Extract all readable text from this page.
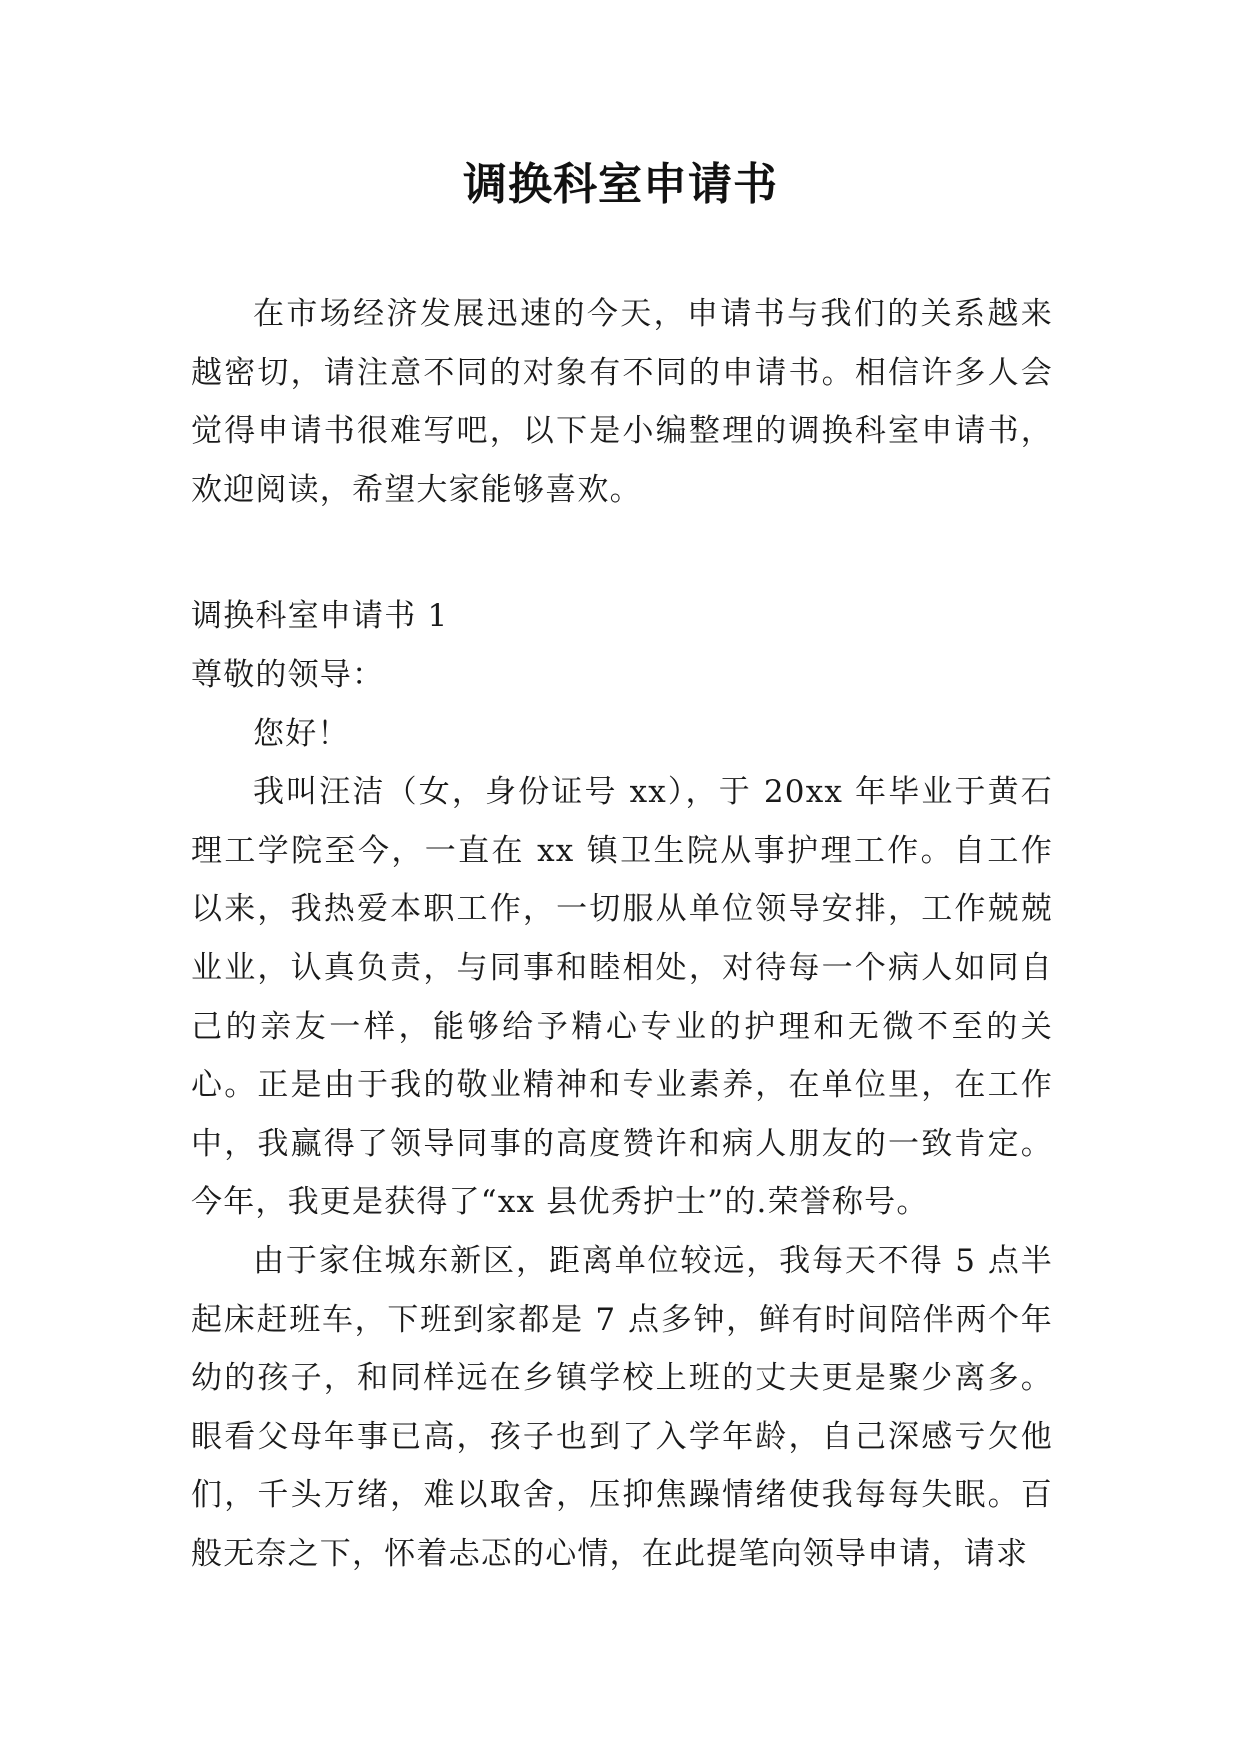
调换科室申请书

在市场经济发展迅速的今天，申请书与我们的关系越来越密切，请注意不同的对象有不同的申请书。相信许多人会觉得申请书很难写吧，以下是小编整理的调换科室申请书，欢迎阅读，希望大家能够喜欢。

调换科室申请书 1

尊敬的领导：

您好！

我叫汪洁（女，身份证号 xx），于 20xx 年毕业于黄石理工学院至今，一直在 xx 镇卫生院从事护理工作。自工作以来，我热爱本职工作，一切服从单位领导安排，工作兢兢业业，认真负责，与同事和睦相处，对待每一个病人如同自己的亲友一样，能够给予精心专业的护理和无微不至的关心。正是由于我的敬业精神和专业素养，在单位里，在工作中，我赢得了领导同事的高度赞许和病人朋友的一致肯定。今年，我更是获得了“xx 县优秀护士”的.荣誉称号。

由于家住城东新区，距离单位较远，我每天不得 5 点半起床赶班车，下班到家都是 7 点多钟，鲜有时间陪伴两个年幼的孩子，和同样远在乡镇学校上班的丈夫更是聚少离多。眼看父母年事已高，孩子也到了入学年龄，自己深感亏欠他们，千头万绪，难以取舍，压抑焦躁情绪使我每每失眠。百般无奈之下，怀着忐忑的心情，在此提笔向领导申请，请求
